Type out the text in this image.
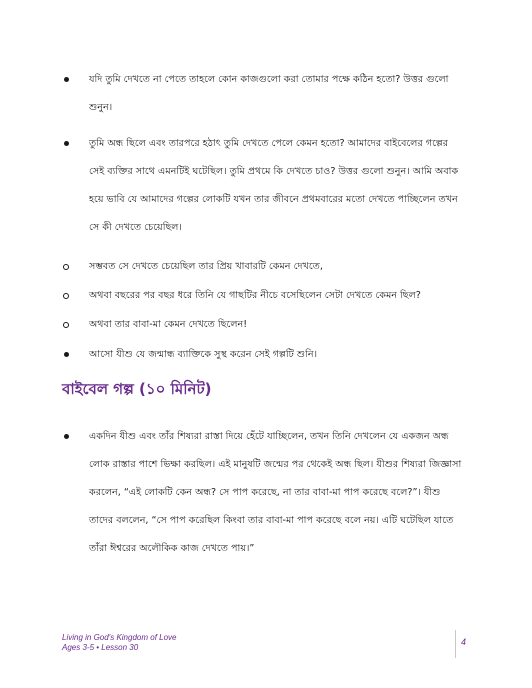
যদি তুমি দেখতে না পেতে তাহলে কোন কাজগুলো করা তোমার পক্ষে কঠিন হতো? উত্তর গুলো
শুনুন।

তুমি অন্ধ ছিলে এবং তারপরে হঠাৎ তুমি দেখতে পেলে কেমন হতো? আমাদের বাইবেলের গল্পের
সেই ব্যক্তির সাথে এমনটিই ঘটেছিল। তুমি প্রথমে কি দেখতে চাও? উত্তর গুলো শুনুন। আমি অবাক
হয়ে ভাবি যে আমাদের গল্পের লোকটি যখন তার জীবনে প্রথমবারের মতো দেখতে পাচ্ছিলেন তখন
সে কী দেখতে চেয়েছিল।

সম্ভবত সে দেখতে চেয়েছিল তার প্রিয় খাবারটি কেমন দেখতে,

অথবা বছরের পর বছর ধরে তিনি যে গাছটির নীচে বসেছিলেন সেটা দেখতে কেমন ছিল?

অথবা তার বাবা-মা কেমন দেখতে ছিলেন!

আসো যীশু যে জন্মান্ধ ব্যাক্তিকে সুস্থ করেন সেই গল্পটি শুনি।

বাইবেল গল্প (১০ মিনিট)

একদিন যীশু এবং তাঁর শিষ্যরা রাস্তা দিয়ে হেঁটে যাচ্ছিলেন, তখন তিনি দেখলেন যে একজন অন্ধ
লোক রাস্তার পাশে ভিক্ষা করছিল। এই মানুষটি জন্মের পর থেকেই অন্ধ ছিল। যীশুর শিষ্যরা জিজ্ঞাসা
করলেন, “এই লোকটি কেন অন্ধ? সে পাপ করেছে, না তার বাবা-মা পাপ করেছে বলে?”। যীশু
তাদের বললেন, “সে পাপ করেছিল কিংবা তার বাবা-মা পাপ করেছে বলে নয়। এটি ঘটেছিল যাতে
তাঁরা ঈশ্বরের অলৌকিক কাজ দেখতে পায়।”

Living in God's Kingdom of Love
Ages 3-5 • Lesson 30
4
